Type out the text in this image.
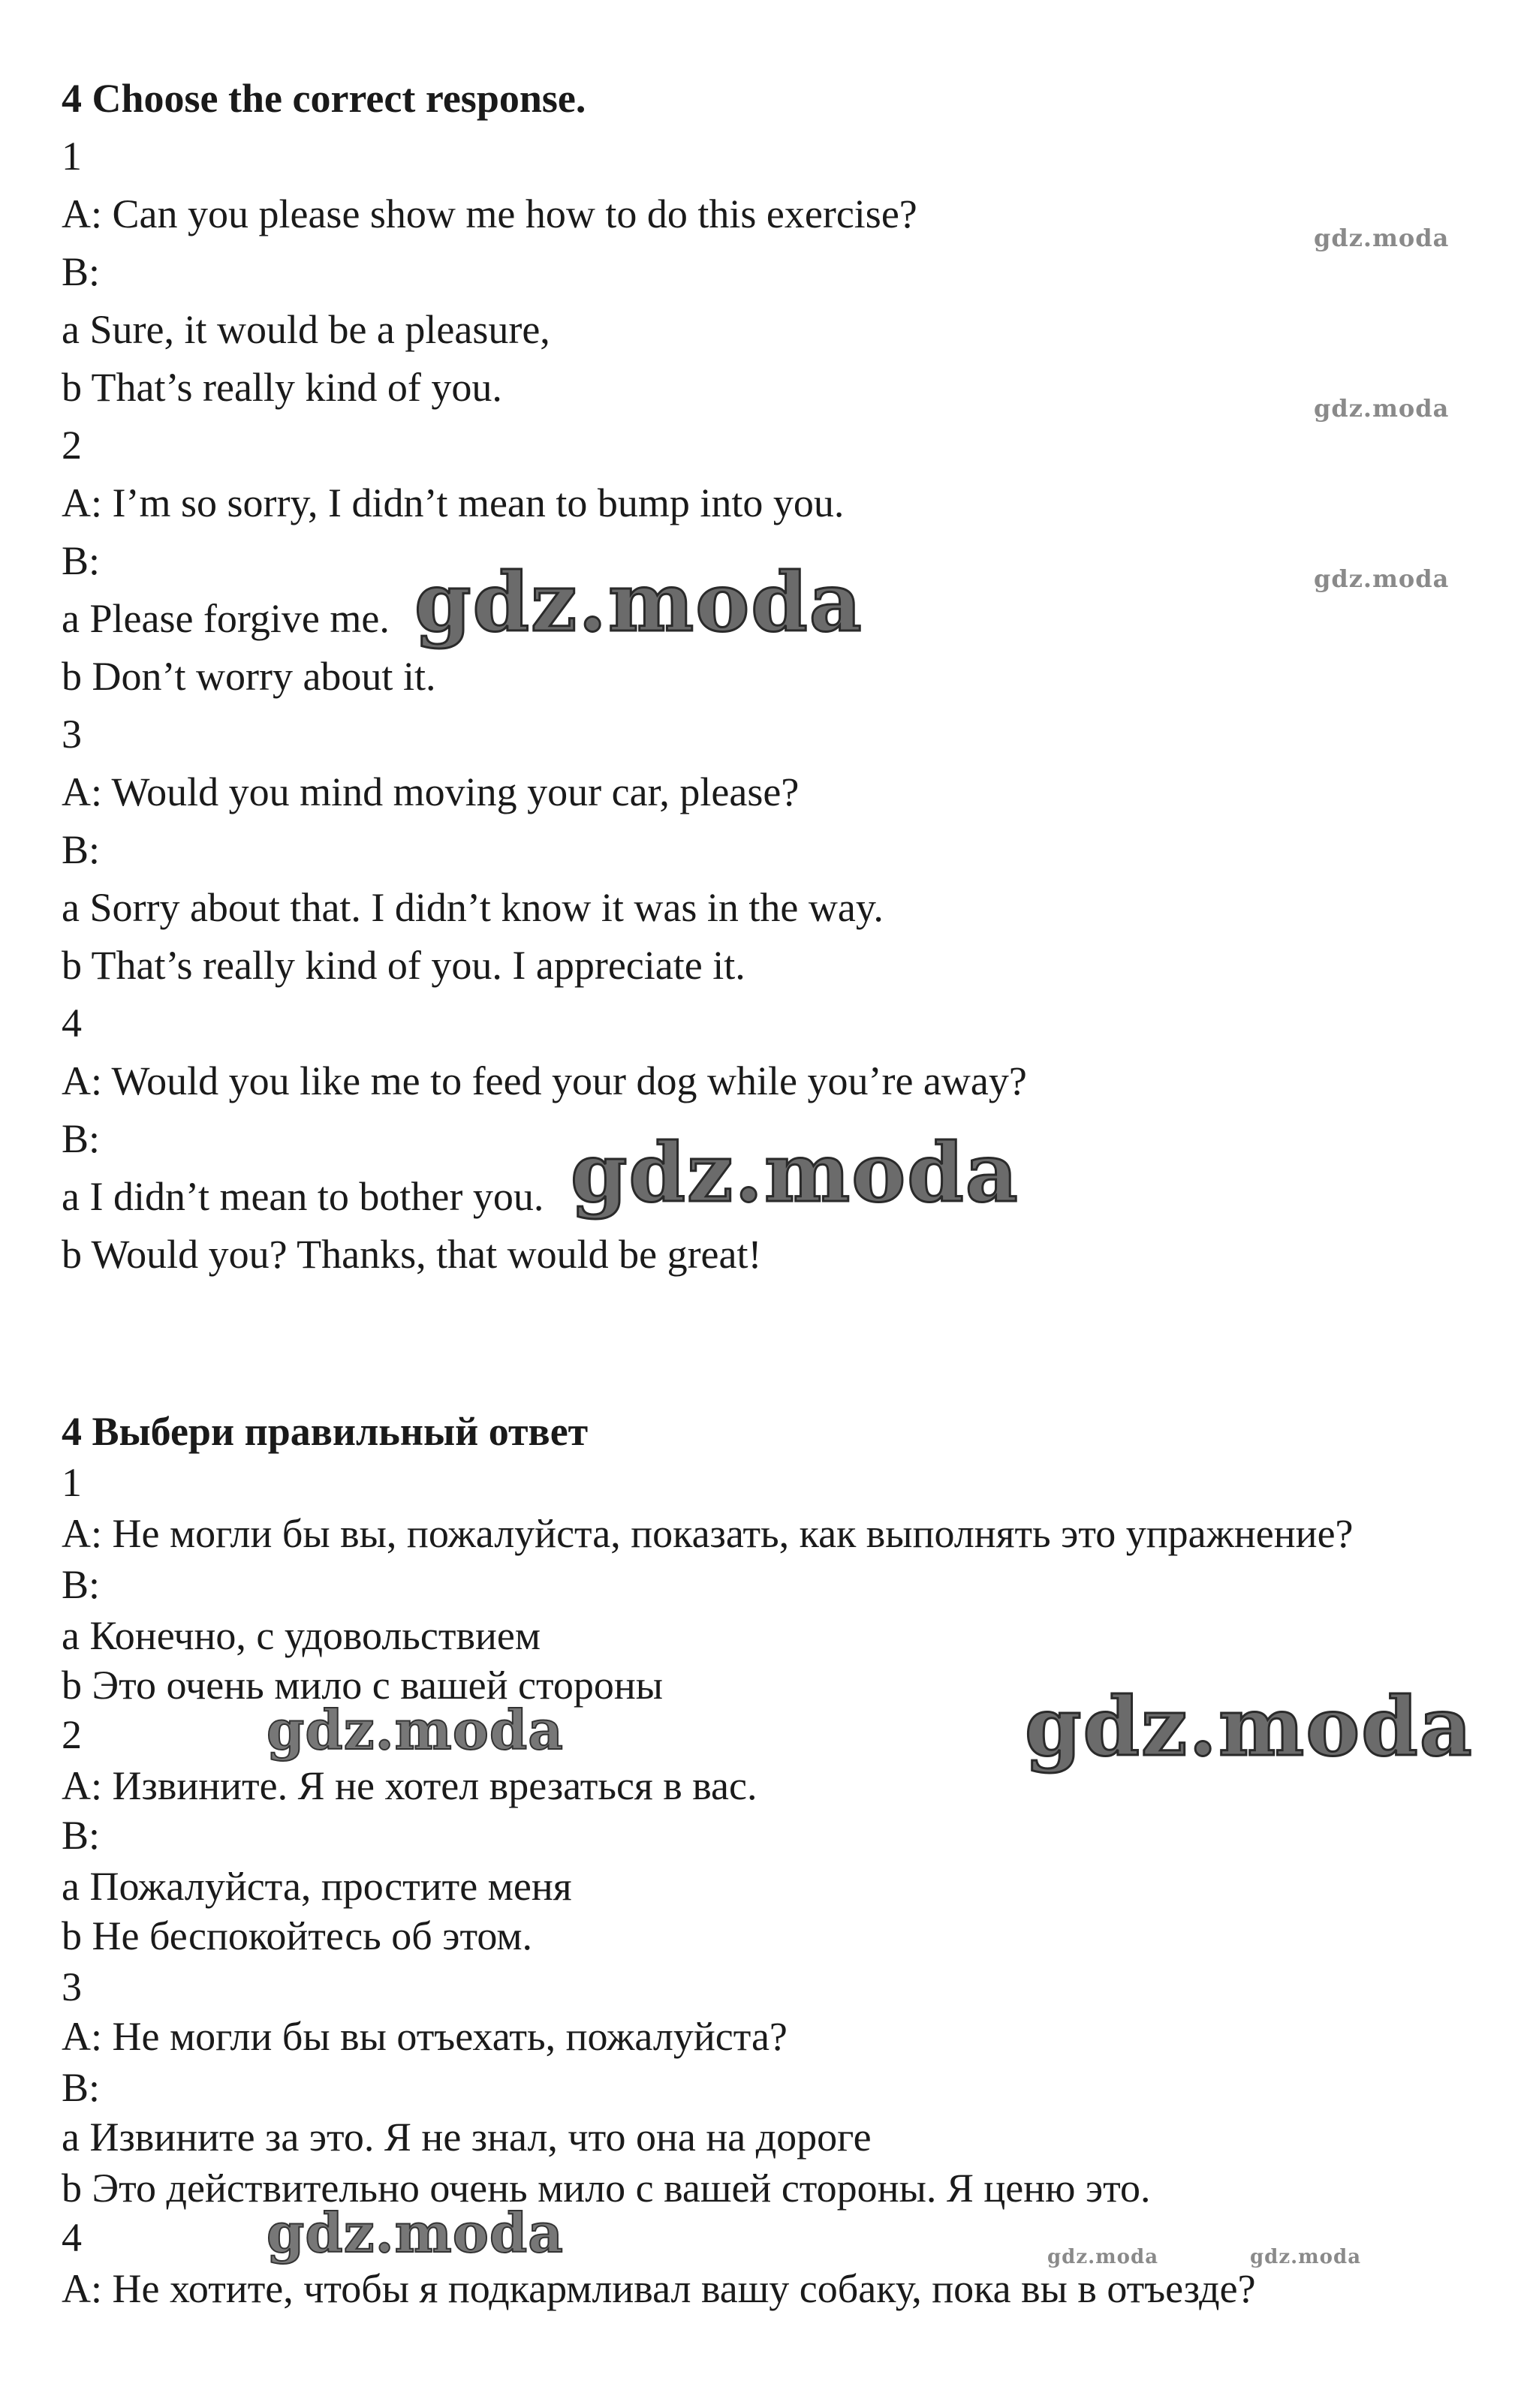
4 Choose the correct response.
1
A: Can you please show me how to do this exercise?
B:
a Sure, it would be a pleasure,
b That’s really kind of you.
2
A: I’m so sorry, I didn’t mean to bump into you.
B:
a Please forgive me.
b Don’t worry about it.
3
A: Would you mind moving your car, please?
B:
a Sorry about that. I didn’t know it was in the way.
b That’s really kind of you. I appreciate it.
4
A: Would you like me to feed your dog while you’re away?
B:
a I didn’t mean to bother you.
b Would you? Thanks, that would be great!
4 Выбери правильный ответ
1
A: Не могли бы вы, пожалуйста, показать, как выполнять это упражнение?
B:
a Конечно, с удовольствием
b Это очень мило с вашей стороны
2
A: Извините. Я не хотел врезаться в вас.
B:
a Пожалуйста, простите меня
b Не беспокойтесь об этом.
3
A: Не могли бы вы отъехать, пожалуйста?
B:
a Извините за это. Я не знал, что она на дороге
b Это действительно очень мило с вашей стороны. Я ценю это.
4
A: Не хотите, чтобы я подкармливал вашу собаку, пока вы в отъезде?
gdz.moda
gdz.moda
gdz.moda
gdz.moda
gdz.moda
gdz.moda	gdz.moda
gdz.moda	gdz.moda	gdz.moda
